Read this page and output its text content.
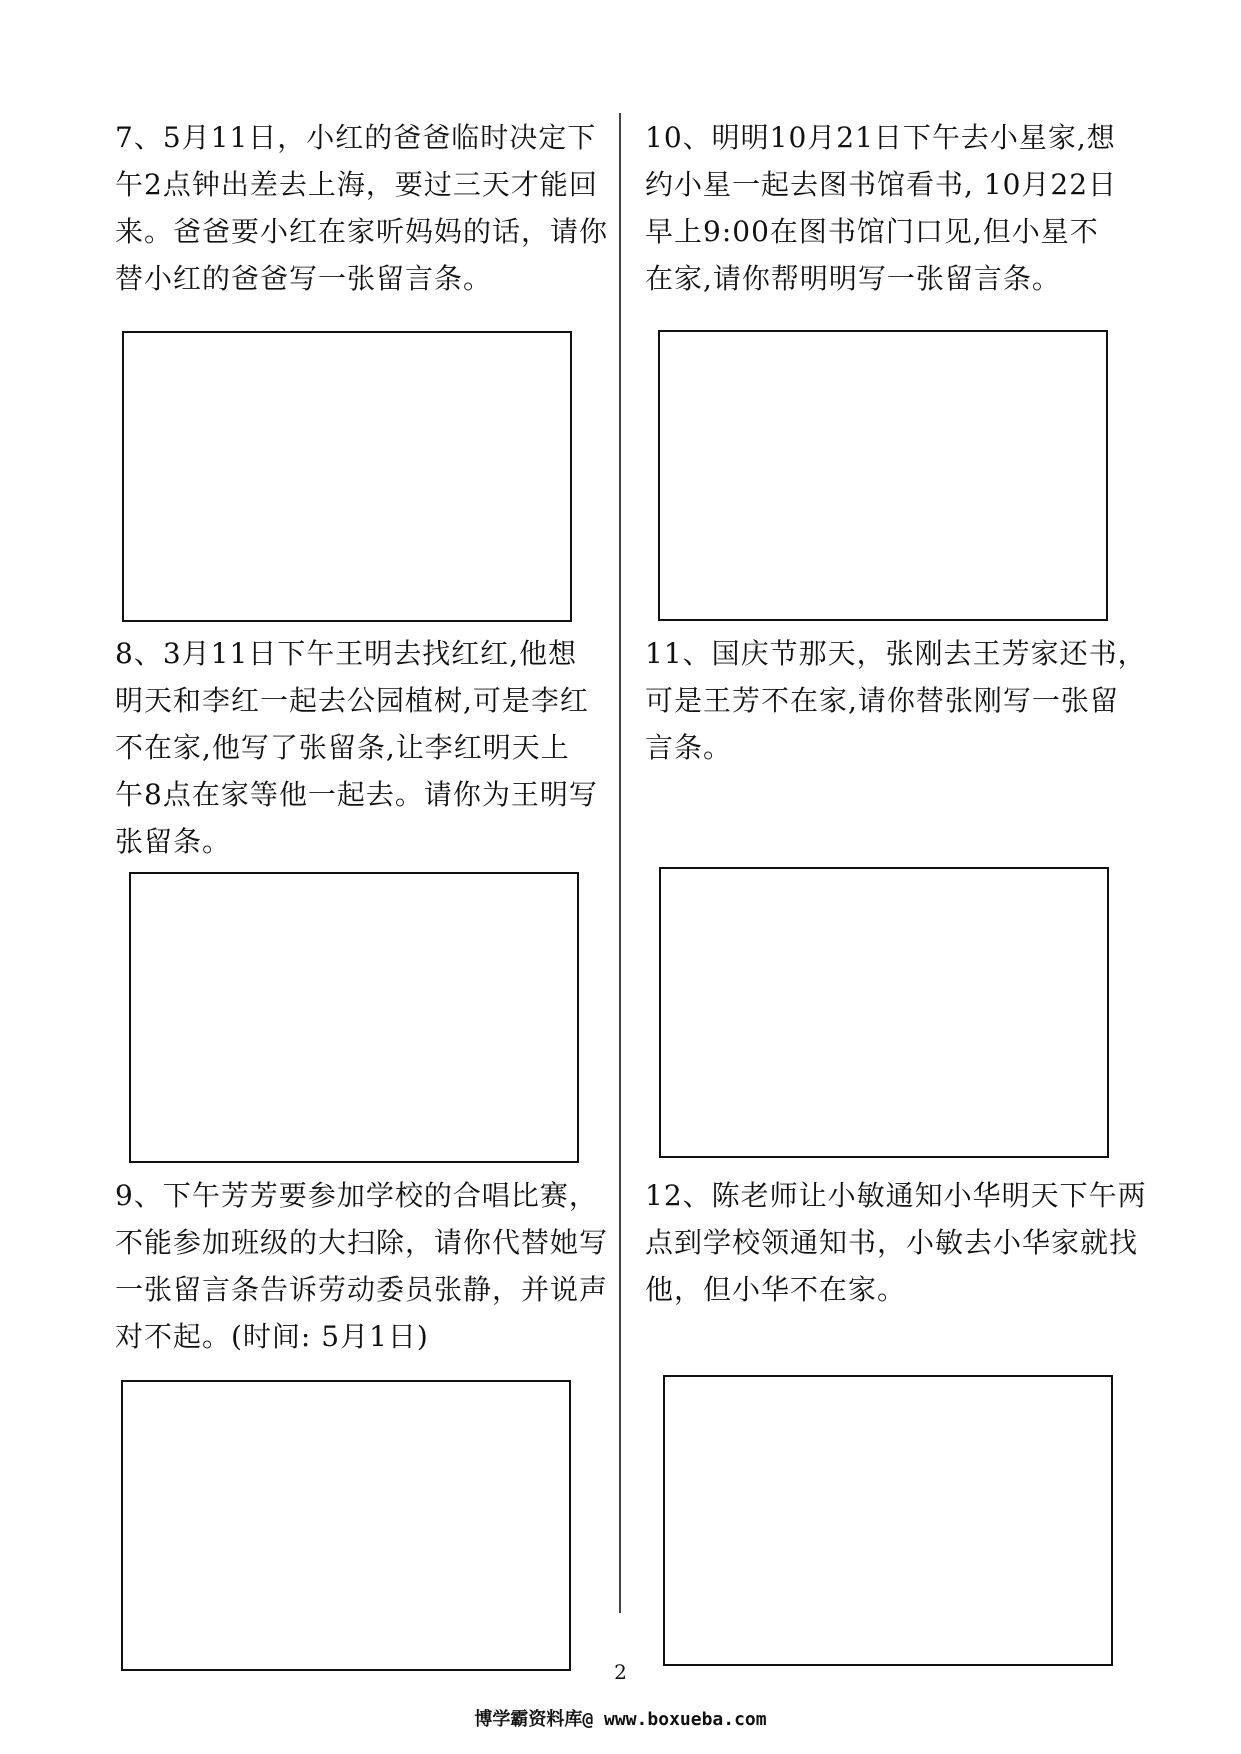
7、5月11日，小红的爸爸临时决定下
午2点钟出差去上海，要过三天才能回
来。爸爸要小红在家听妈妈的话，请你
替小红的爸爸写一张留言条。
10、明明10月21日下午去小星家,想
约小星一起去图书馆看书, 10月22日
早上9:00在图书馆门口见,但小星不
在家,请你帮明明写一张留言条。
8、3月11日下午王明去找红红,他想
明天和李红一起去公园植树,可是李红
不在家,他写了张留条,让李红明天上
午8点在家等他一起去。请你为王明写
张留条。
11、国庆节那天，张刚去王芳家还书，
可是王芳不在家,请你替张刚写一张留
言条。
9、下午芳芳要参加学校的合唱比赛，
不能参加班级的大扫除，请你代替她写
一张留言条告诉劳动委员张静，并说声
对不起。(时间: 5月1日)
12、陈老师让小敏通知小华明天下午两
点到学校领通知书，小敏去小华家就找
他，但小华不在家。
2
博学霸资料库@ www.boxueba.com
